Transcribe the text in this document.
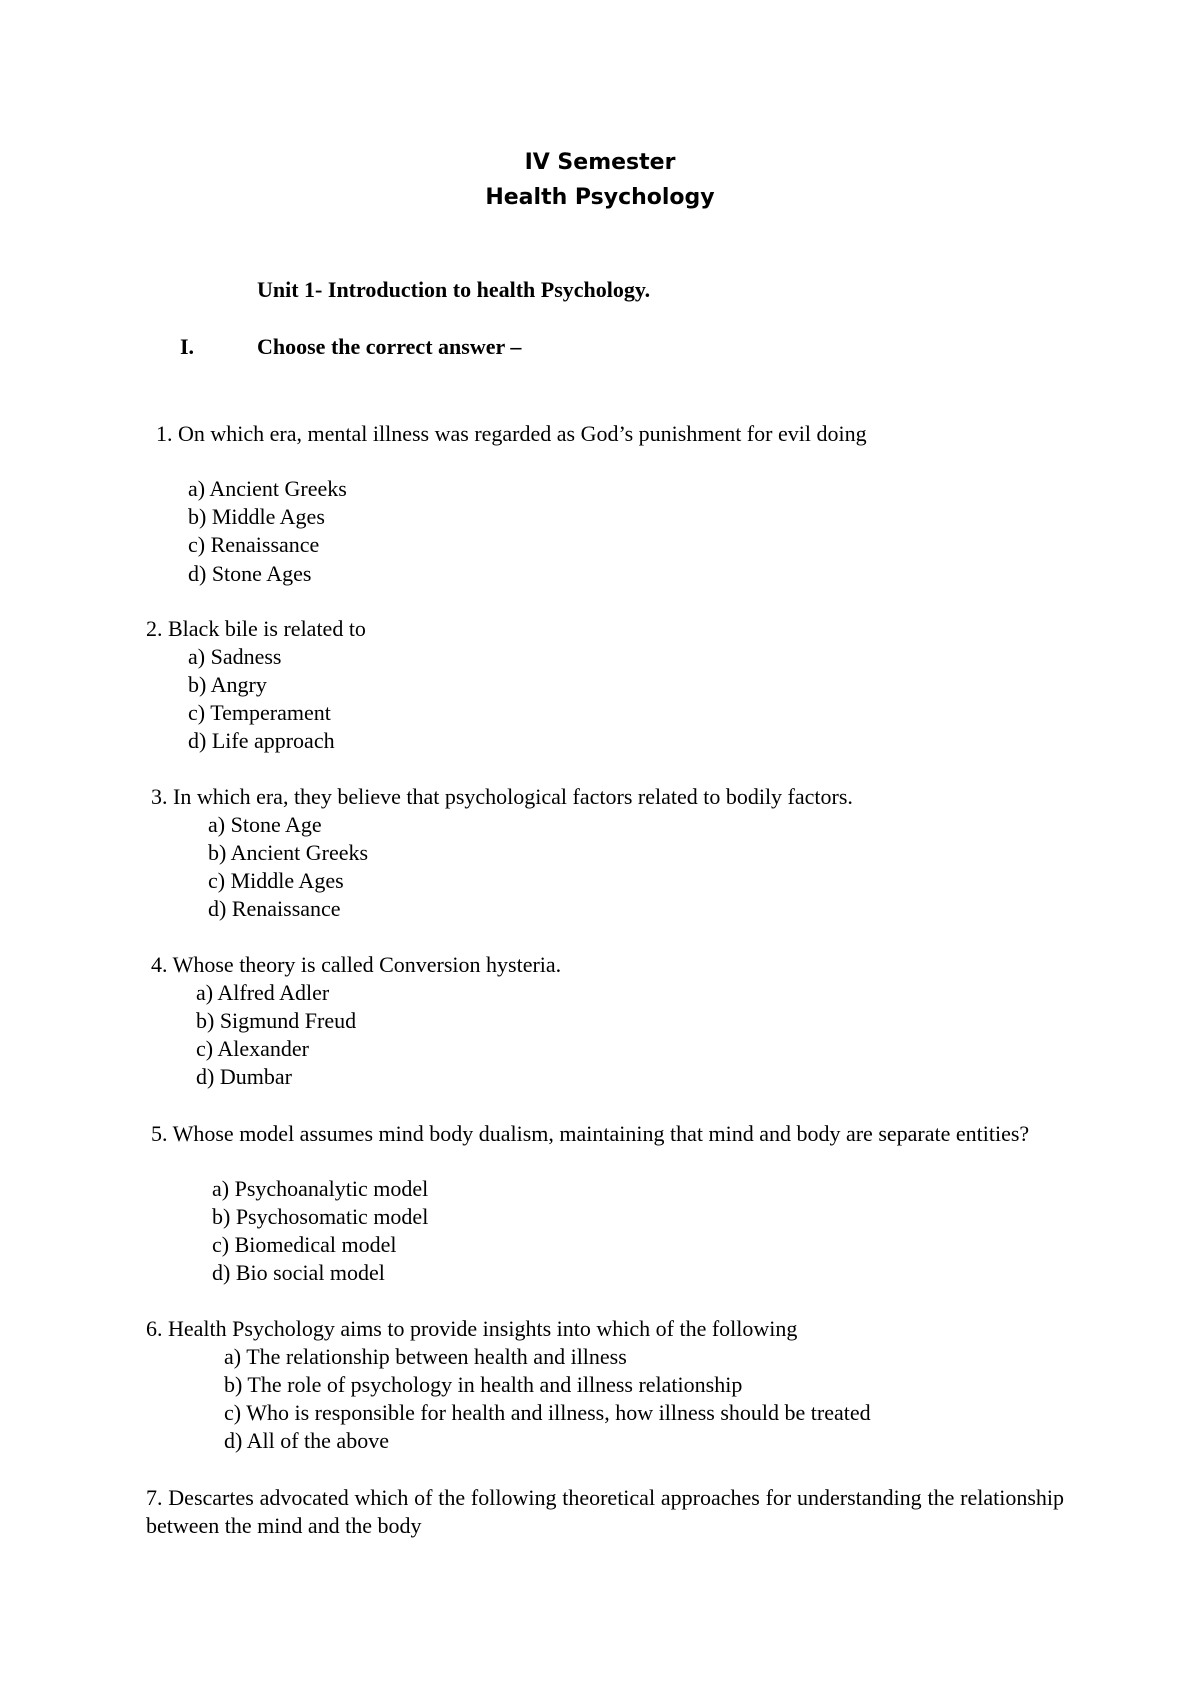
IV Semester
Health Psychology
Unit 1- Introduction to health Psychology.
I.	Choose the correct answer –
1. On which era, mental illness was regarded as God’s punishment for evil doing
a) Ancient Greeks
b) Middle Ages
c) Renaissance
d) Stone Ages
2. Black bile is related to
a) Sadness
b) Angry
c) Temperament
d) Life approach
3. In which era, they believe that psychological factors related to bodily factors.
a) Stone Age
b) Ancient Greeks
c) Middle Ages
d) Renaissance
4. Whose theory is called Conversion hysteria.
a) Alfred Adler
b) Sigmund Freud
c) Alexander
d) Dumbar
5. Whose model assumes mind body dualism, maintaining that mind and body are separate entities?
a) Psychoanalytic model
b) Psychosomatic model
c) Biomedical model
d) Bio social model
6. Health Psychology aims to provide insights into which of the following
a) The relationship between health and illness
b) The role of psychology in health and illness relationship
c) Who is responsible for health and illness, how illness should be treated
d) All of the above
7. Descartes advocated which of the following theoretical approaches for understanding the relationship between the mind and the body
